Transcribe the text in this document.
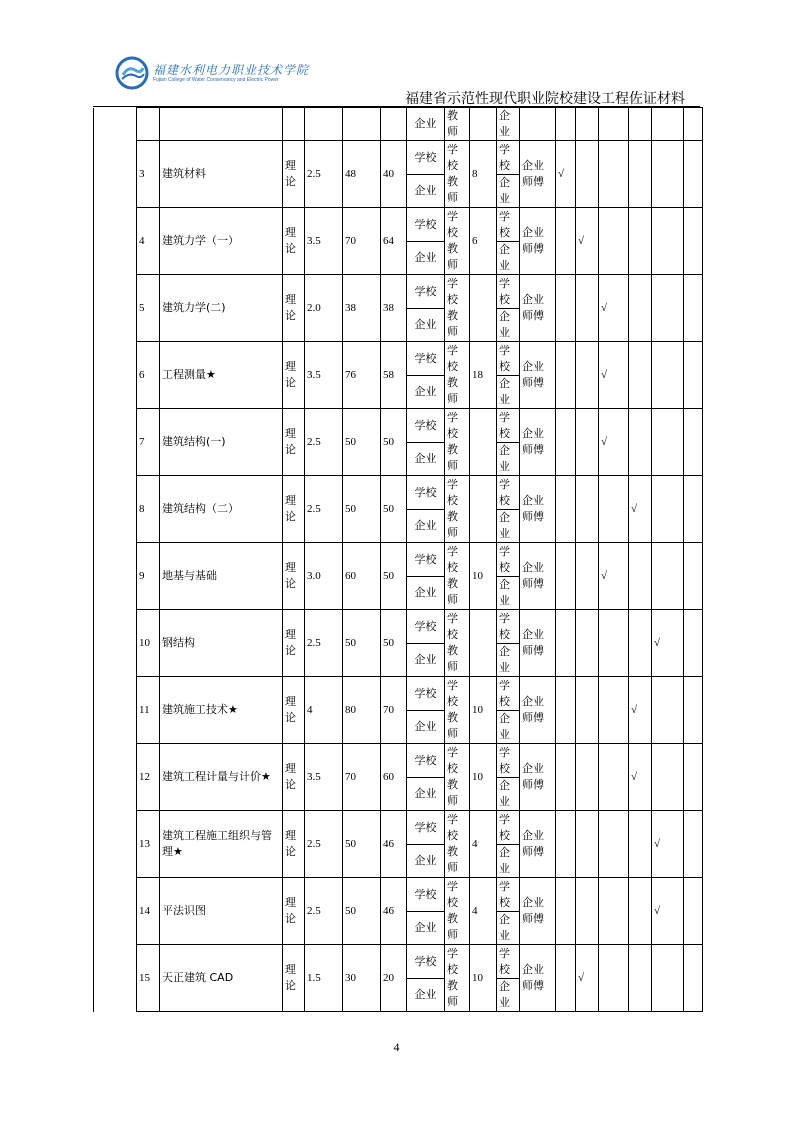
福建水利电力职业技术学院
Fujian College of Water Conservancy and Electric Power
福建省示范性现代职业院校建设工程佐证材料
							企业	教师		企业							
	3	建筑材料	理论	2.5	48	40	学校	学校教师	8	学校	企业师傅	√					
							企业			企业							
	4	建筑力学（一）	理论	3.5	70	64	学校	学校教师	6	学校	企业师傅		√				
							企业			企业							
	5	建筑力学(二)	理论	2.0	38	38	学校	学校教师		学校	企业师傅			√			
							企业			企业							
	6	工程测量★	理论	3.5	76	58	学校	学校教师	18	学校	企业师傅			√			
							企业			企业							
	7	建筑结构(一)	理论	2.5	50	50	学校	学校教师		学校	企业师傅			√			
							企业			企业							
	8	建筑结构（二）	理论	2.5	50	50	学校	学校教师		学校	企业师傅				√		
							企业			企业							
	9	地基与基础	理论	3.0	60	50	学校	学校教师	10	学校	企业师傅			√			
							企业			企业							
	10	钢结构	理论	2.5	50	50	学校	学校教师		学校	企业师傅					√	
							企业			企业							
	11	建筑施工技术★	理论	4	80	70	学校	学校教师	10	学校	企业师傅				√		
							企业			企业							
	12	建筑工程计量与计价★	理论	3.5	70	60	学校	学校教师	10	学校	企业师傅				√		
							企业			企业							
	13	建筑工程施工组织与管理★	理论	2.5	50	46	学校	学校教师	4	学校	企业师傅					√	
							企业			企业							
	14	平法识图	理论	2.5	50	46	学校	学校教师	4	学校	企业师傅					√	
							企业			企业							
	15	天正建筑 CAD	理论	1.5	30	20	学校	学校教师	10	学校	企业师傅		√				
							企业			企业							
4
